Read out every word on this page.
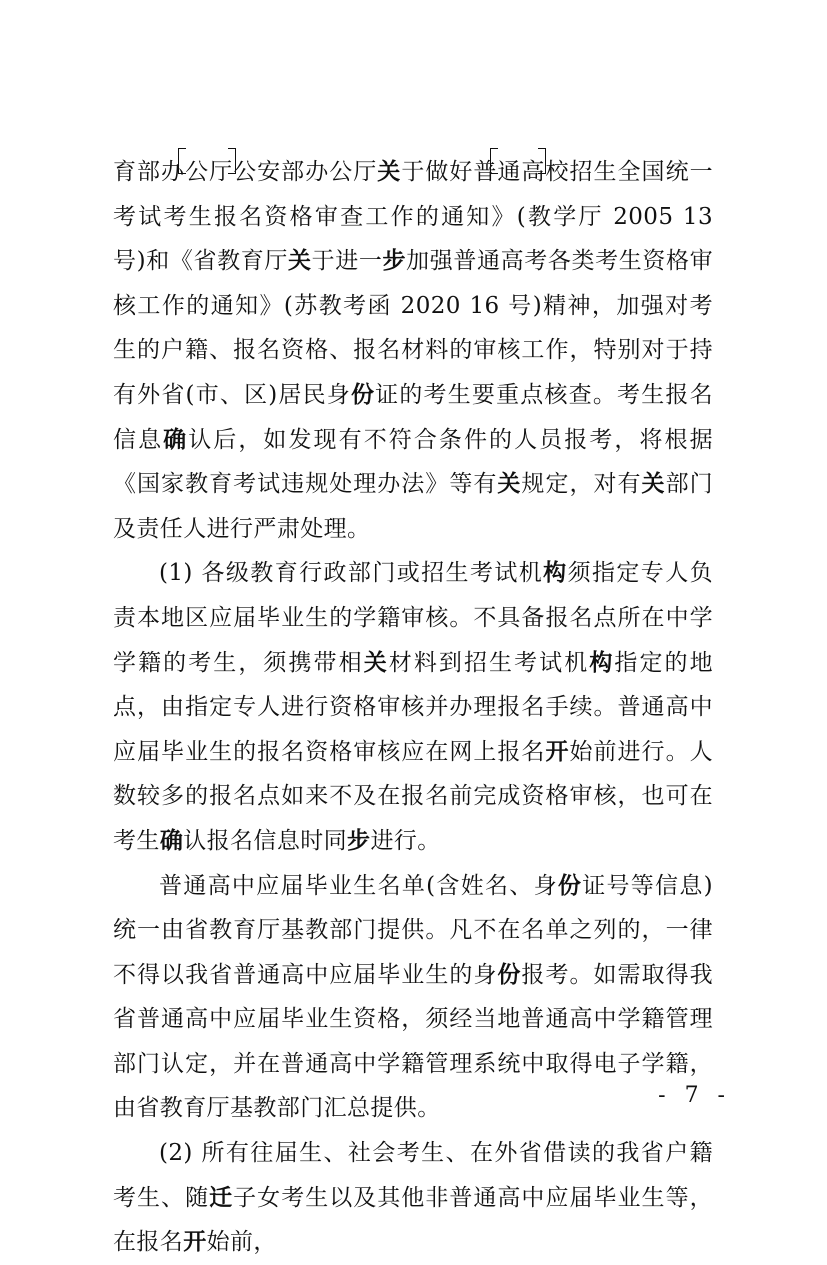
育部办公厅公安部办公厅关于做好普通高校招生全国统一考试考生报名资格审查工作的通知》(教学厅 2005 13 号)和《省教育厅关于进一步加强普通高考各类考生资格审核工作的通知》(苏教考函 2020 16 号)精神，加强对考生的户籍、报名资格、报名材料的审核工作，特别对于持有外省(市、区)居民身份证的考生要重点核查。考生报名信息确认后，如发现有不符合条件的人员报考，将根据《国家教育考试违规处理办法》等有关规定，对有关部门及责任人进行严肃处理。

(1) 各级教育行政部门或招生考试机构须指定专人负责本地区应届毕业生的学籍审核。不具备报名点所在中学学籍的考生，须携带相关材料到招生考试机构指定的地点，由指定专人进行资格审核并办理报名手续。普通高中应届毕业生的报名资格审核应在网上报名开始前进行。人数较多的报名点如来不及在报名前完成资格审核，也可在考生确认报名信息时同步进行。

普通高中应届毕业生名单(含姓名、身份证号等信息)统一由省教育厅基教部门提供。凡不在名单之列的，一律不得以我省普通高中应届毕业生的身份报考。如需取得我省普通高中应届毕业生资格，须经当地普通高中学籍管理部门认定，并在普通高中学籍管理系统中取得电子学籍，由省教育厅基教部门汇总提供。

(2) 所有往届生、社会考生、在外省借读的我省户籍考生、随迁子女考生以及其他非普通高中应届毕业生等，在报名开始前，

- 7 -
